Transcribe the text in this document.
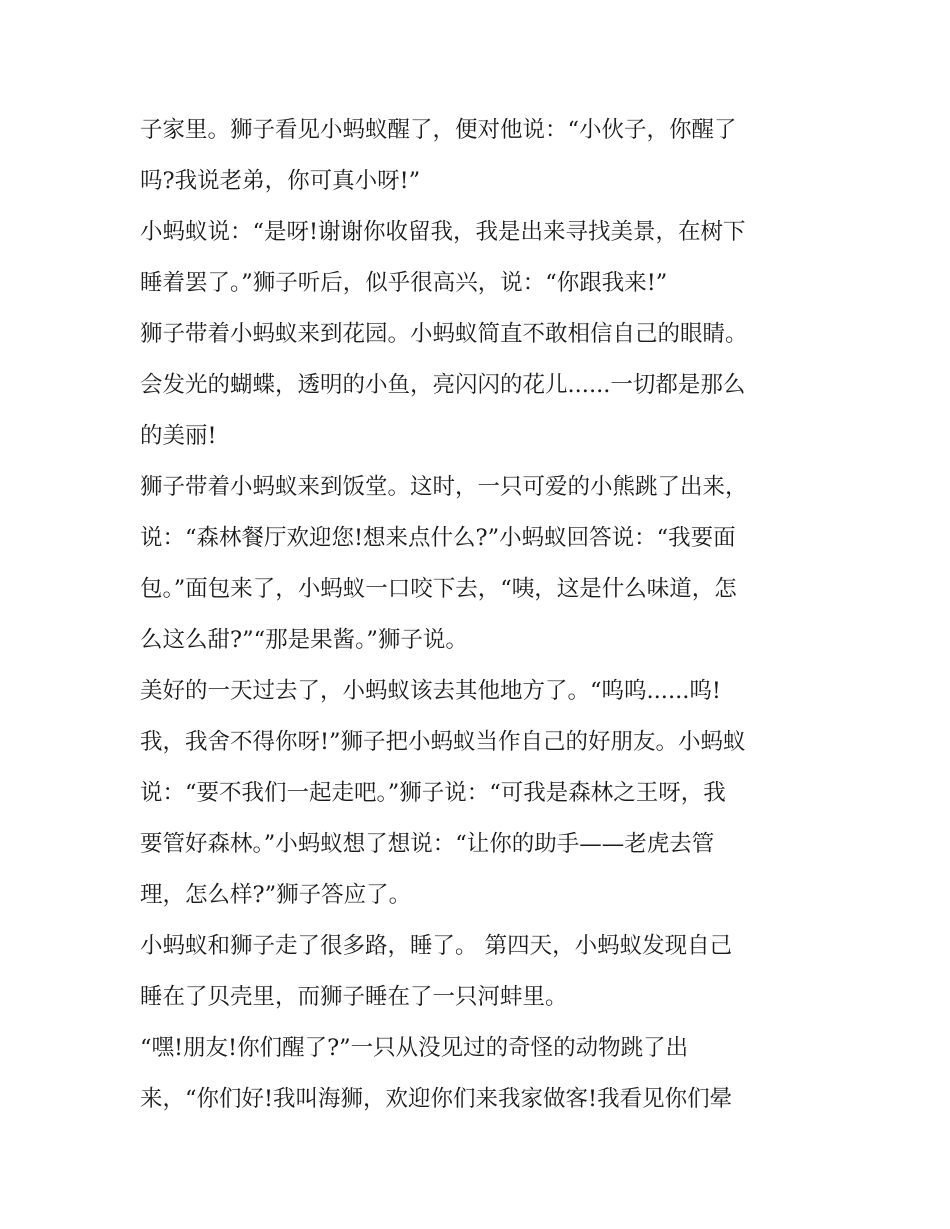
子家里。狮子看见小蚂蚁醒了，便对他说：“小伙子，你醒了
吗?我说老弟，你可真小呀!”
小蚂蚁说：“是呀!谢谢你收留我，我是出来寻找美景，在树下
睡着罢了。”狮子听后，似乎很高兴，说：“你跟我来!”
狮子带着小蚂蚁来到花园。小蚂蚁简直不敢相信自己的眼睛。
会发光的蝴蝶，透明的小鱼，亮闪闪的花儿......一切都是那么
的美丽!
狮子带着小蚂蚁来到饭堂。这时，一只可爱的小熊跳了出来，
说：“森林餐厅欢迎您!想来点什么?”小蚂蚁回答说：“我要面
包。”面包来了，小蚂蚁一口咬下去，“咦，这是什么味道，怎
么这么甜?”“那是果酱。”狮子说。
美好的一天过去了，小蚂蚁该去其他地方了。“呜呜......呜!
我，我舍不得你呀!”狮子把小蚂蚁当作自己的好朋友。小蚂蚁
说：“要不我们一起走吧。”狮子说：“可我是森林之王呀，我
要管好森林。”小蚂蚁想了想说：“让你的助手——老虎去管
理，怎么样?”狮子答应了。
小蚂蚁和狮子走了很多路，睡了。 第四天，小蚂蚁发现自己
睡在了贝壳里，而狮子睡在了一只河蚌里。
“嘿!朋友!你们醒了?”一只从没见过的奇怪的动物跳了出
来，“你们好!我叫海狮，欢迎你们来我家做客!我看见你们晕
